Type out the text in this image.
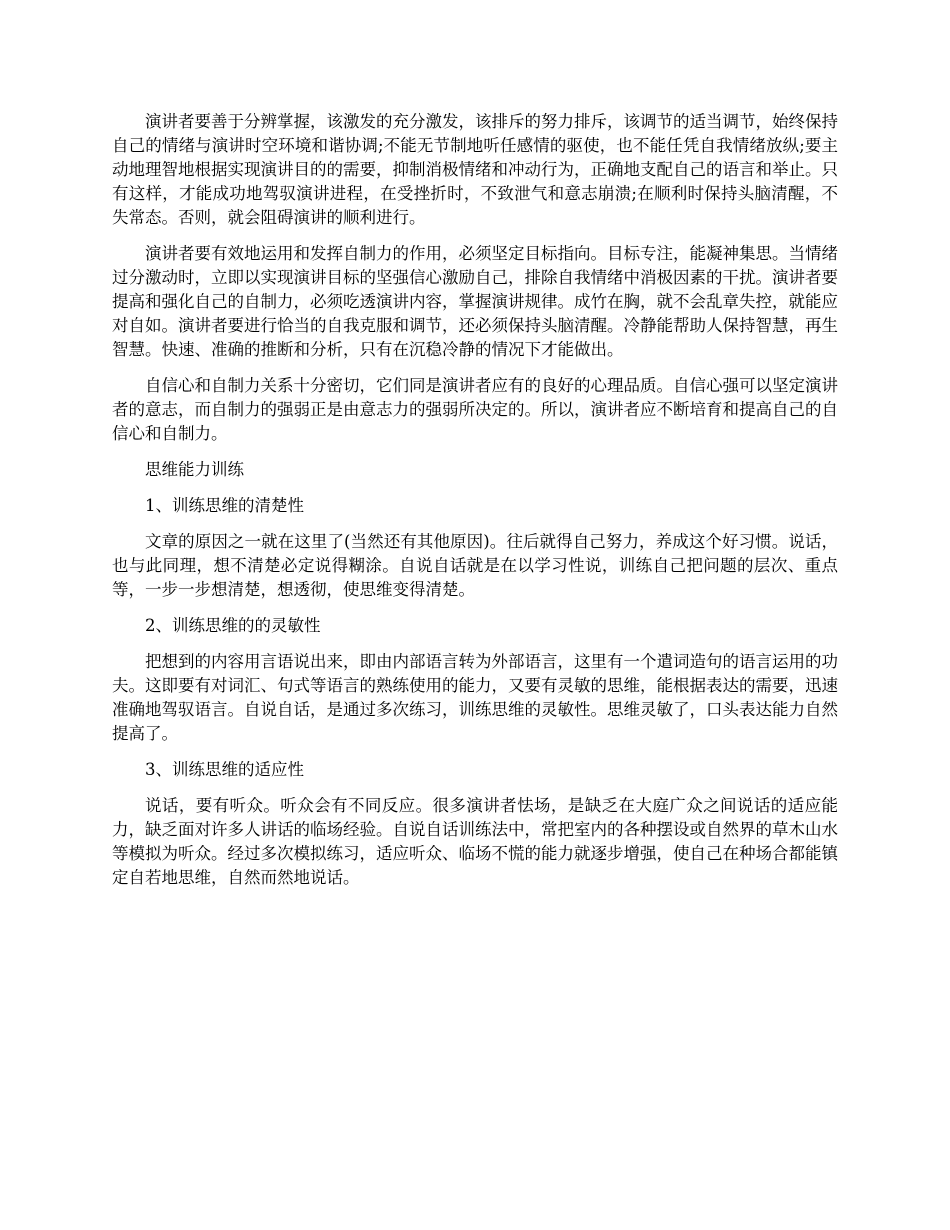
演讲者要善于分辨掌握，该激发的充分激发，该排斥的努力排斥，该调节的适当调节，始终保持自己的情绪与演讲时空环境和谐协调;不能无节制地听任感情的驱使，也不能任凭自我情绪放纵;要主动地理智地根据实现演讲目的的需要，抑制消极情绪和冲动行为，正确地支配自己的语言和举止。只有这样，才能成功地驾驭演讲进程，在受挫折时，不致泄气和意志崩溃;在顺利时保持头脑清醒，不失常态。否则，就会阻碍演讲的顺利进行。

演讲者要有效地运用和发挥自制力的作用，必须坚定目标指向。目标专注，能凝神集思。当情绪过分激动时，立即以实现演讲目标的坚强信心激励自己，排除自我情绪中消极因素的干扰。演讲者要提高和强化自己的自制力，必须吃透演讲内容，掌握演讲规律。成竹在胸，就不会乱章失控，就能应对自如。演讲者要进行恰当的自我克服和调节，还必须保持头脑清醒。冷静能帮助人保持智慧，再生智慧。快速、准确的推断和分析，只有在沉稳冷静的情况下才能做出。

自信心和自制力关系十分密切，它们同是演讲者应有的良好的心理品质。自信心强可以坚定演讲者的意志，而自制力的强弱正是由意志力的强弱所决定的。所以，演讲者应不断培育和提高自己的自信心和自制力。

思维能力训练

1、训练思维的清楚性

文章的原因之一就在这里了(当然还有其他原因)。往后就得自己努力，养成这个好习惯。说话，也与此同理，想不清楚必定说得糊涂。自说自话就是在以学习性说，训练自己把问题的层次、重点等，一步一步想清楚，想透彻，使思维变得清楚。

2、训练思维的的灵敏性

把想到的内容用言语说出来，即由内部语言转为外部语言，这里有一个遣词造句的语言运用的功夫。这即要有对词汇、句式等语言的熟练使用的能力，又要有灵敏的思维，能根据表达的需要，迅速准确地驾驭语言。自说自话，是通过多次练习，训练思维的灵敏性。思维灵敏了，口头表达能力自然提高了。

3、训练思维的适应性

说话，要有听众。听众会有不同反应。很多演讲者怯场，是缺乏在大庭广众之间说话的适应能力，缺乏面对许多人讲话的临场经验。自说自话训练法中，常把室内的各种摆设或自然界的草木山水等模拟为听众。经过多次模拟练习，适应听众、临场不慌的能力就逐步增强，使自己在种场合都能镇定自若地思维，自然而然地说话。
